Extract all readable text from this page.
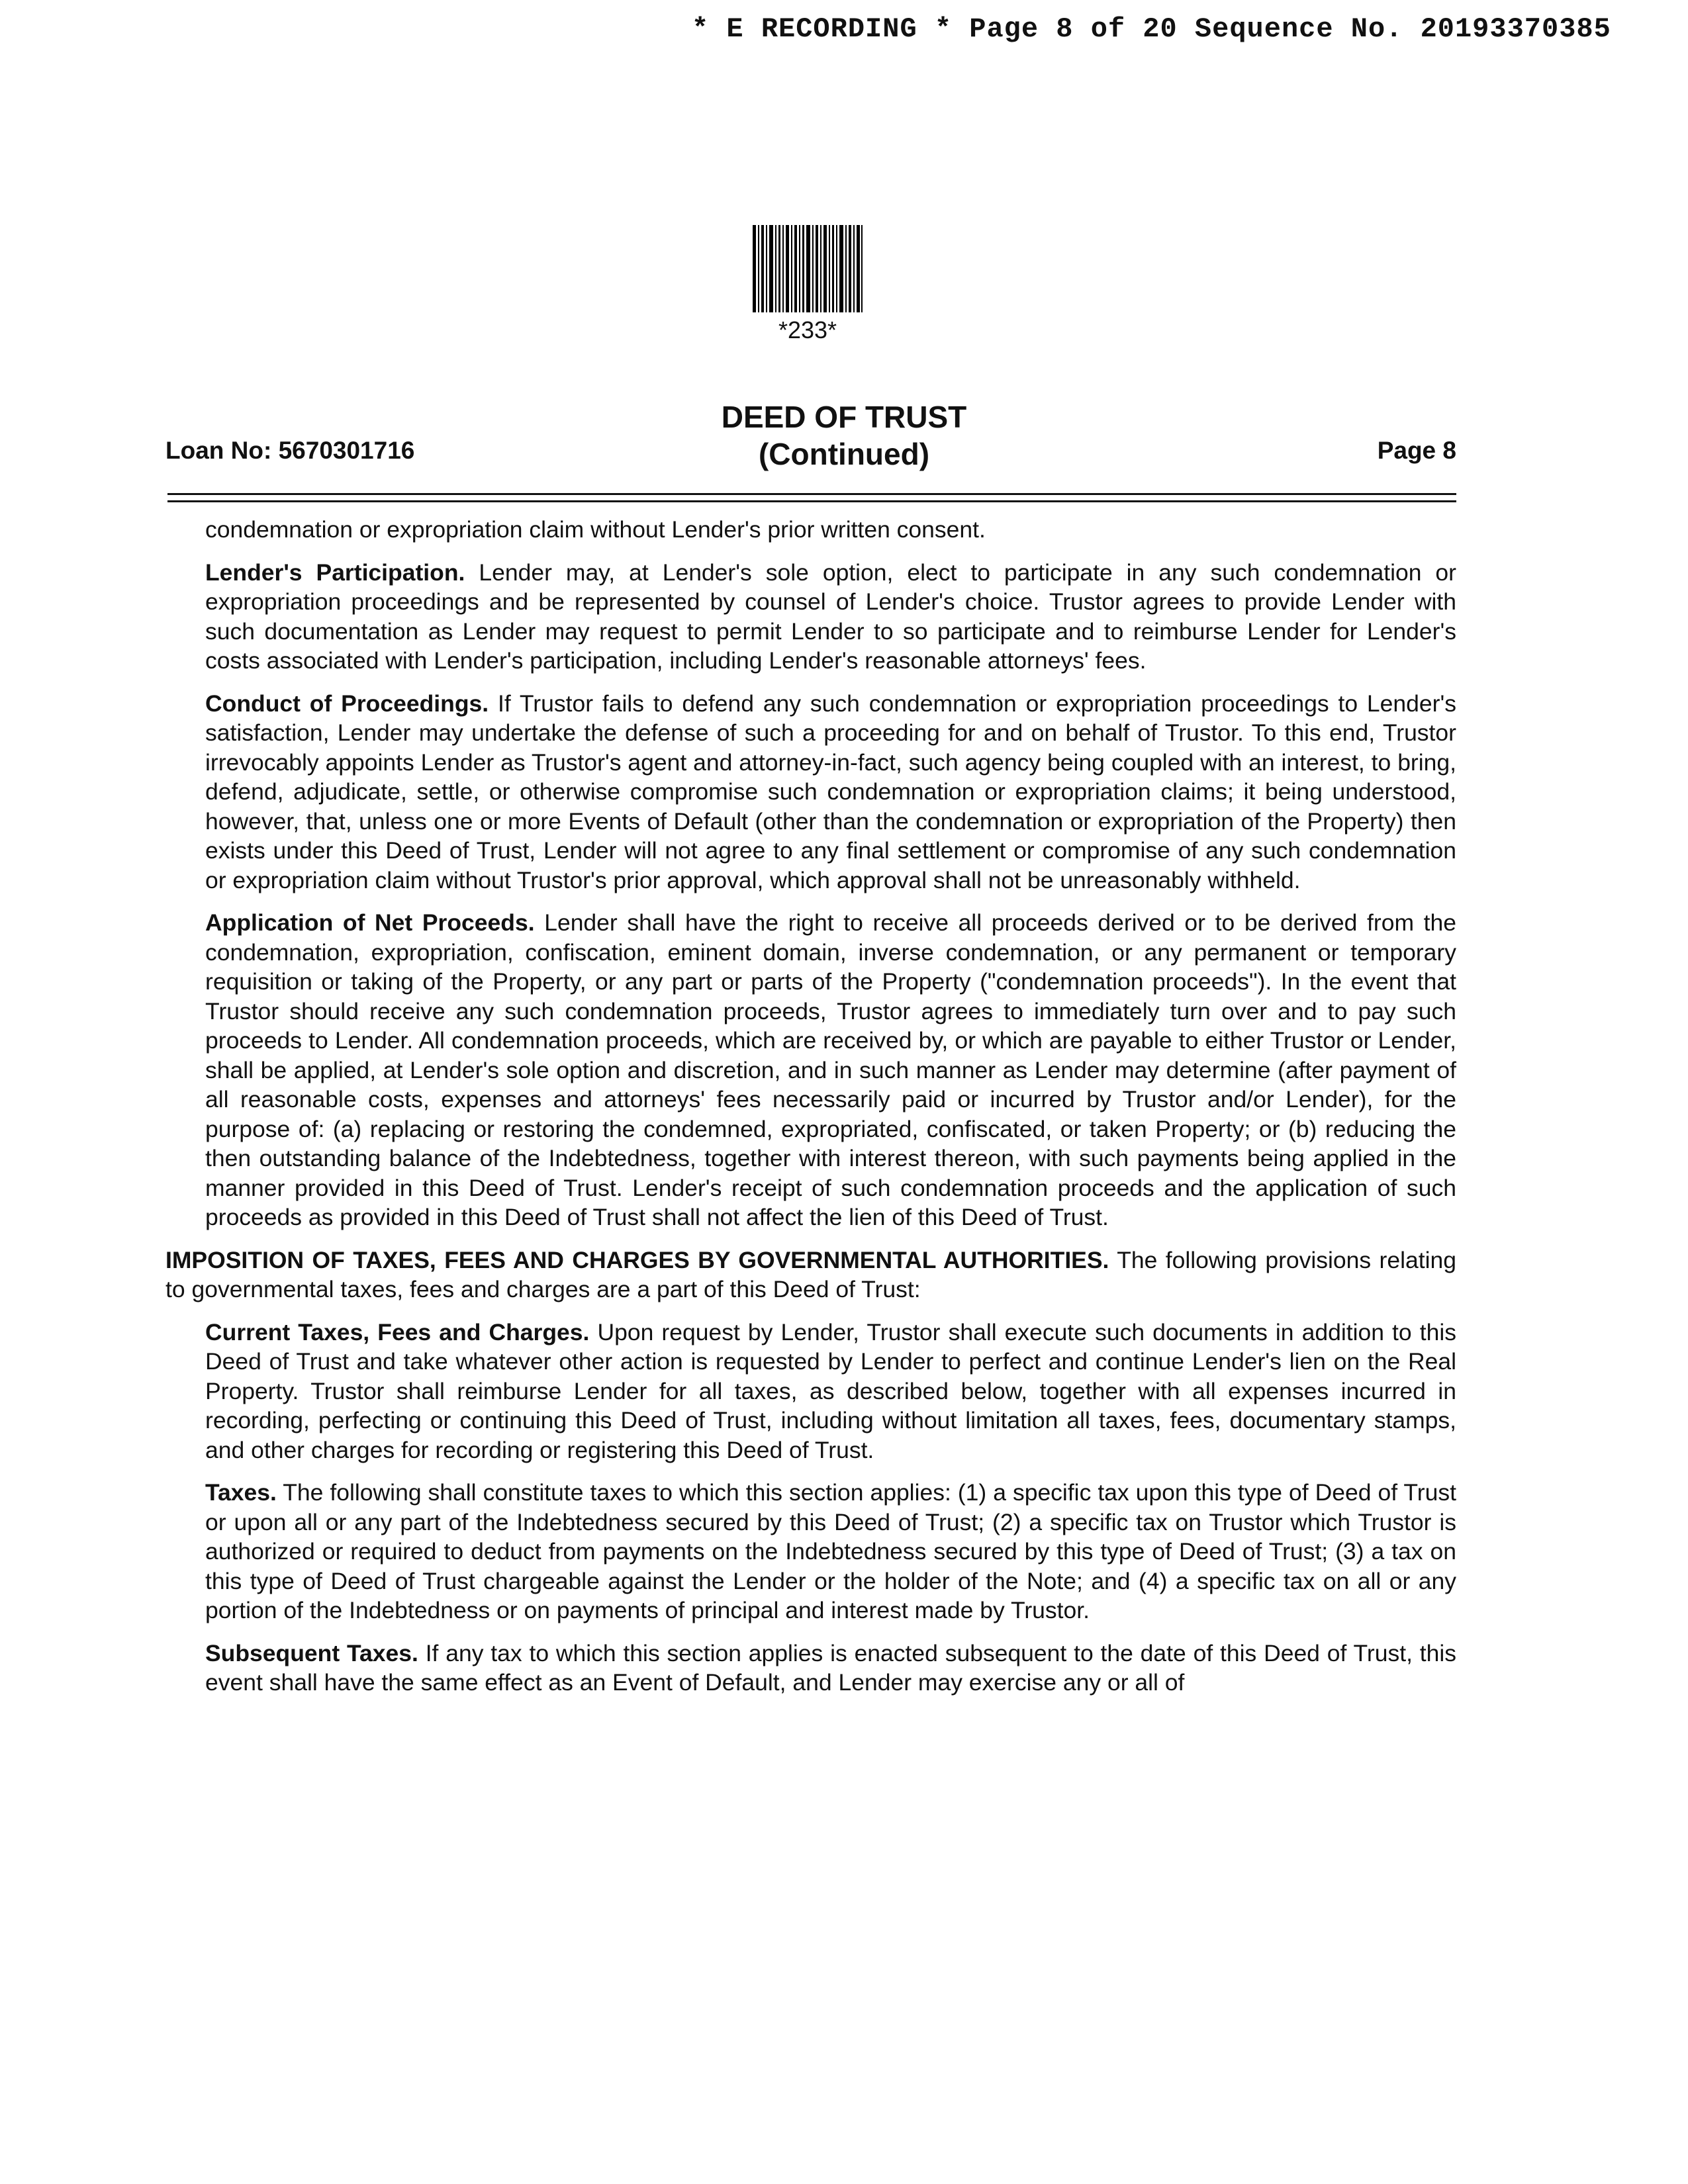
* E RECORDING * Page 8 of 20 Sequence No. 20193370385
*233*
DEED OF TRUST
(Continued)
Loan No: 5670301716	Page 8

condemnation or expropriation claim without Lender's prior written consent.

Lender's Participation. Lender may, at Lender's sole option, elect to participate in any such condemnation or expropriation proceedings and be represented by counsel of Lender's choice. Trustor agrees to provide Lender with such documentation as Lender may request to permit Lender to so participate and to reimburse Lender for Lender's costs associated with Lender's participation, including Lender's reasonable attorneys' fees.

Conduct of Proceedings. If Trustor fails to defend any such condemnation or expropriation proceedings to Lender's satisfaction, Lender may undertake the defense of such a proceeding for and on behalf of Trustor. To this end, Trustor irrevocably appoints Lender as Trustor's agent and attorney-in-fact, such agency being coupled with an interest, to bring, defend, adjudicate, settle, or otherwise compromise such condemnation or expropriation claims; it being understood, however, that, unless one or more Events of Default (other than the condemnation or expropriation of the Property) then exists under this Deed of Trust, Lender will not agree to any final settlement or compromise of any such condemnation or expropriation claim without Trustor's prior approval, which approval shall not be unreasonably withheld.

Application of Net Proceeds. Lender shall have the right to receive all proceeds derived or to be derived from the condemnation, expropriation, confiscation, eminent domain, inverse condemnation, or any permanent or temporary requisition or taking of the Property, or any part or parts of the Property ("condemnation proceeds"). In the event that Trustor should receive any such condemnation proceeds, Trustor agrees to immediately turn over and to pay such proceeds to Lender. All condemnation proceeds, which are received by, or which are payable to either Trustor or Lender, shall be applied, at Lender's sole option and discretion, and in such manner as Lender may determine (after payment of all reasonable costs, expenses and attorneys' fees necessarily paid or incurred by Trustor and/or Lender), for the purpose of: (a) replacing or restoring the condemned, expropriated, confiscated, or taken Property; or (b) reducing the then outstanding balance of the Indebtedness, together with interest thereon, with such payments being applied in the manner provided in this Deed of Trust. Lender's receipt of such condemnation proceeds and the application of such proceeds as provided in this Deed of Trust shall not affect the lien of this Deed of Trust.

IMPOSITION OF TAXES, FEES AND CHARGES BY GOVERNMENTAL AUTHORITIES. The following provisions relating to governmental taxes, fees and charges are a part of this Deed of Trust:

Current Taxes, Fees and Charges. Upon request by Lender, Trustor shall execute such documents in addition to this Deed of Trust and take whatever other action is requested by Lender to perfect and continue Lender's lien on the Real Property. Trustor shall reimburse Lender for all taxes, as described below, together with all expenses incurred in recording, perfecting or continuing this Deed of Trust, including without limitation all taxes, fees, documentary stamps, and other charges for recording or registering this Deed of Trust.

Taxes. The following shall constitute taxes to which this section applies: (1) a specific tax upon this type of Deed of Trust or upon all or any part of the Indebtedness secured by this Deed of Trust; (2) a specific tax on Trustor which Trustor is authorized or required to deduct from payments on the Indebtedness secured by this type of Deed of Trust; (3) a tax on this type of Deed of Trust chargeable against the Lender or the holder of the Note; and (4) a specific tax on all or any portion of the Indebtedness or on payments of principal and interest made by Trustor.

Subsequent Taxes. If any tax to which this section applies is enacted subsequent to the date of this Deed of Trust, this event shall have the same effect as an Event of Default, and Lender may exercise any or all of
